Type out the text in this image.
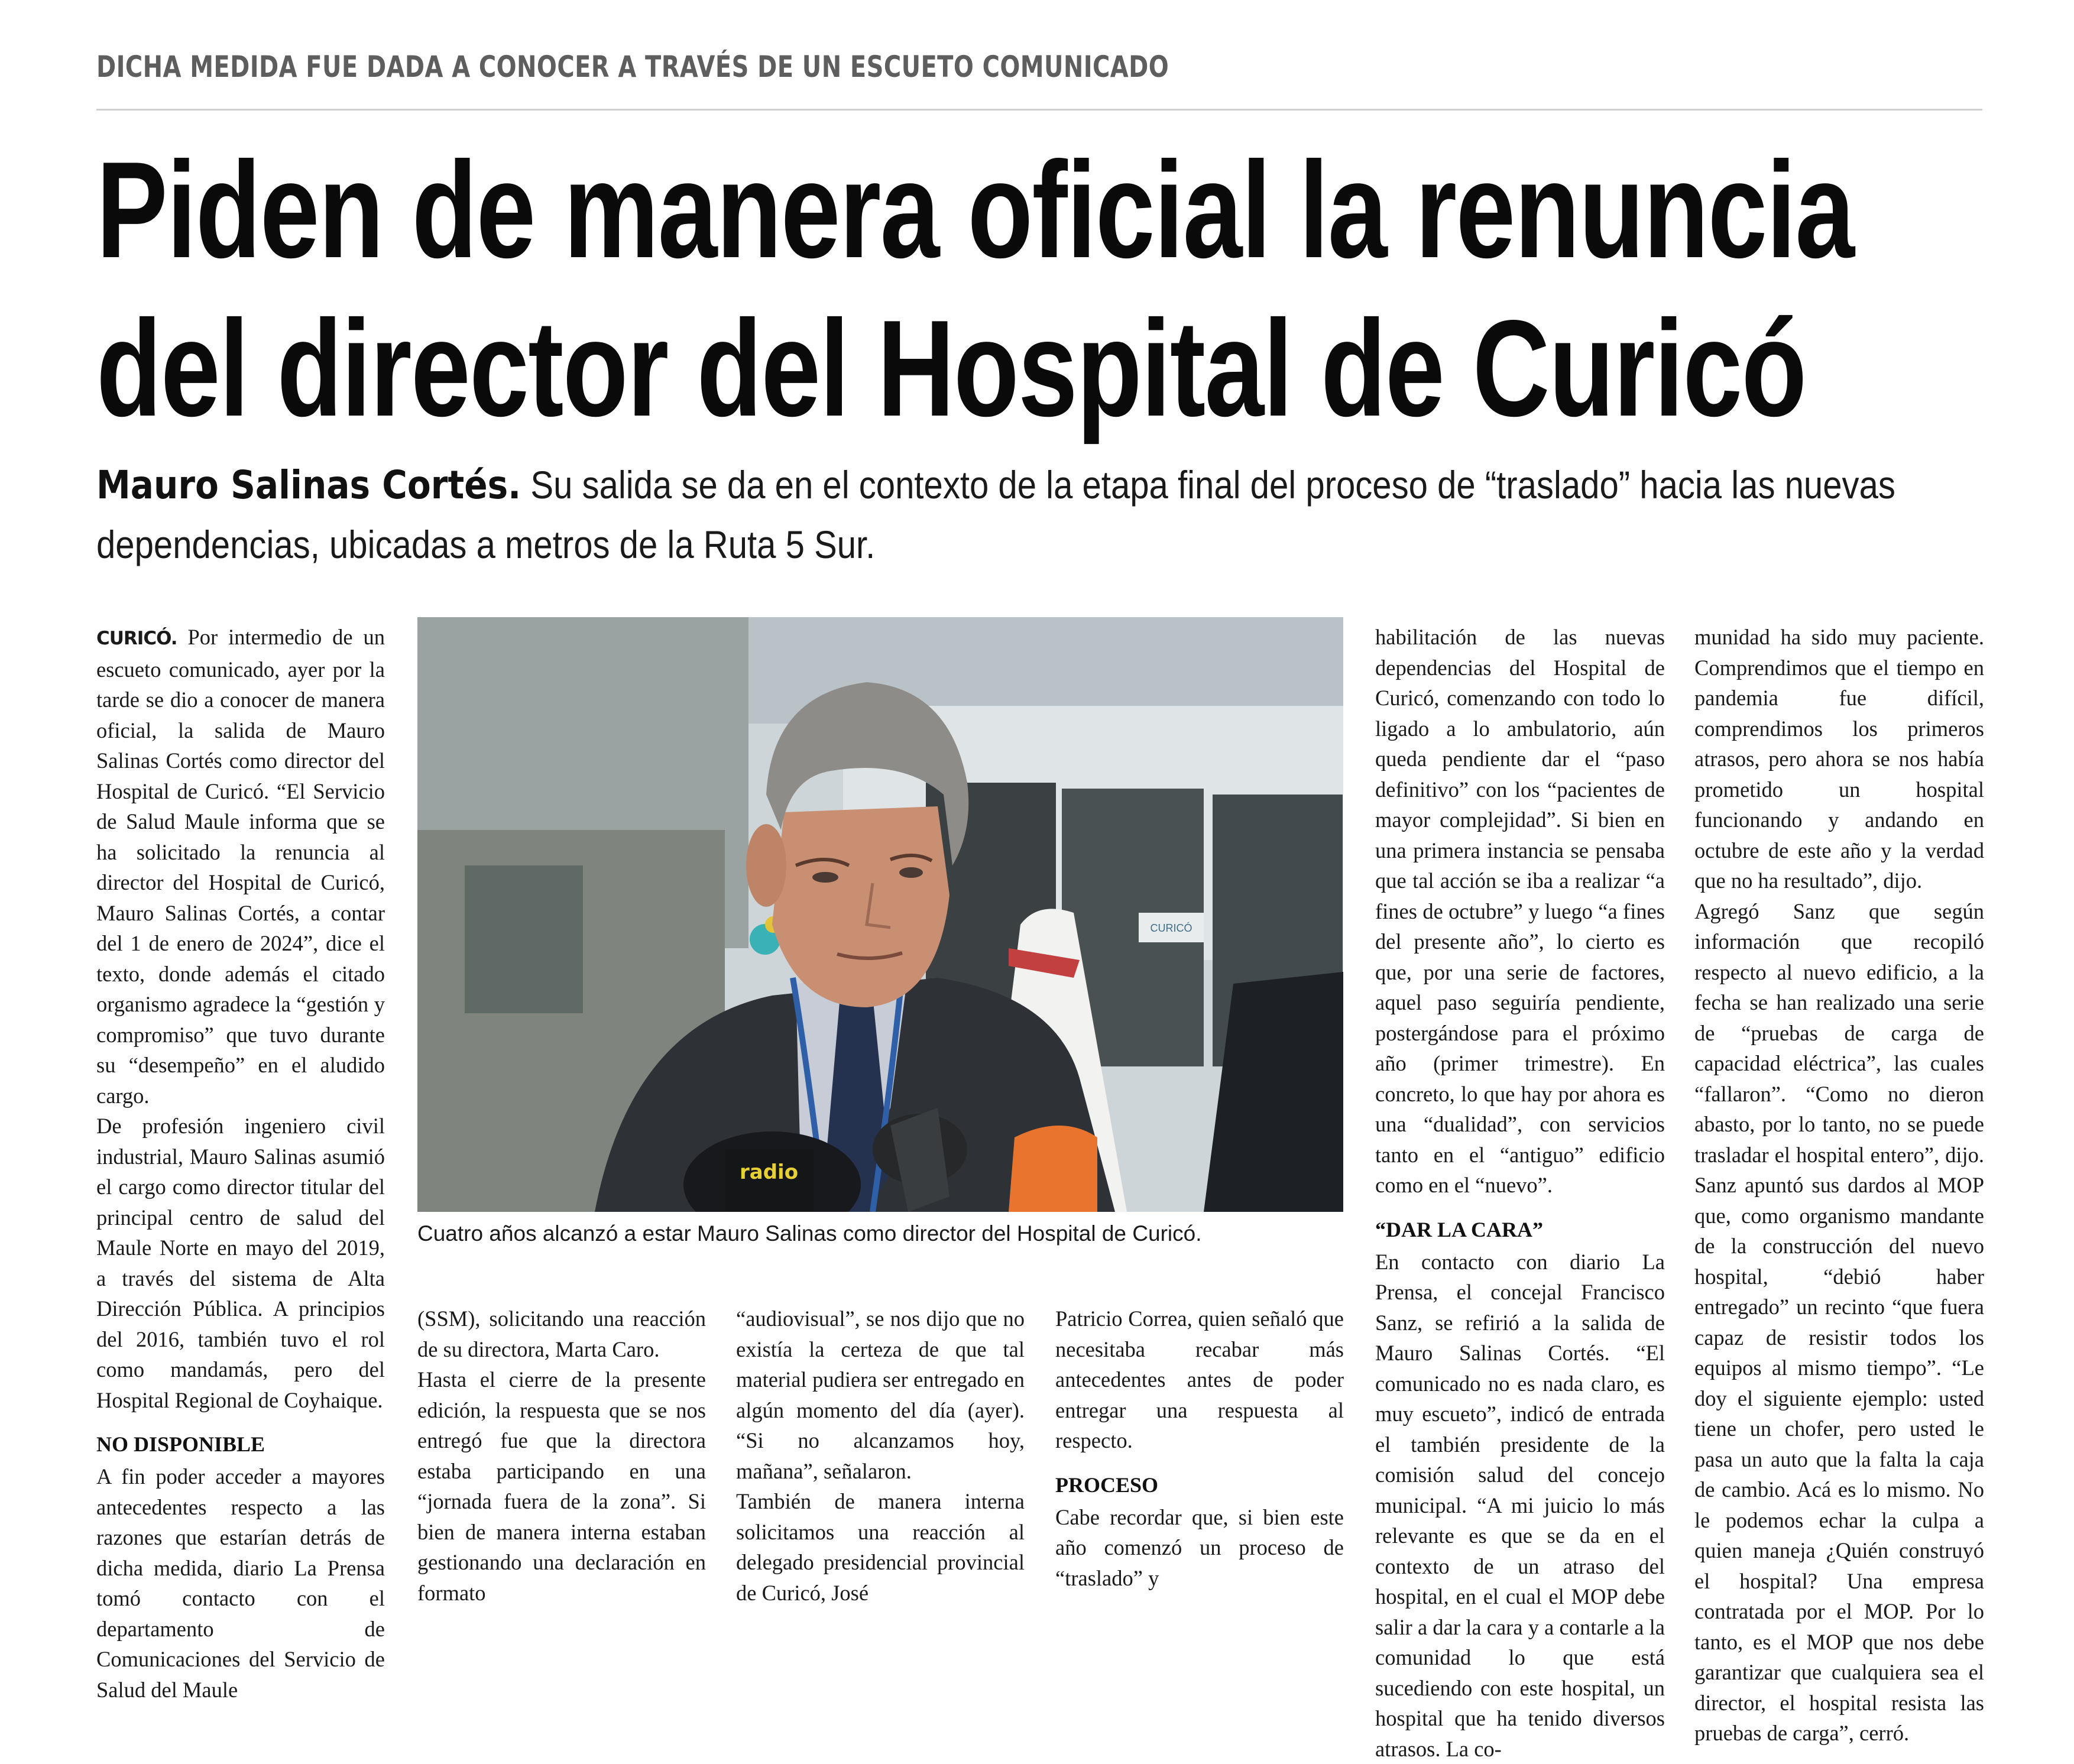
DICHA MEDIDA FUE DADA A CONOCER A TRAVÉS DE UN ESCUETO COMUNICADO
Piden de manera oficial la renuncia
del director del Hospital de Curicó
Mauro Salinas Cortés. Su salida se da en el contexto de la etapa final del proceso de “traslado” hacia las nuevas dependencias, ubicadas a metros de la Ruta 5 Sur.

CURICÓ. Por intermedio de un escueto comunicado, ayer por la tarde se dio a conocer de manera oficial, la salida de Mauro Salinas Cortés como director del Hospital de Curicó. “El Servicio de Salud Maule informa que se ha solicitado la renuncia al director del Hospital de Curicó, Mauro Salinas Cortés, a contar del 1 de enero de 2024”, dice el texto, donde además el citado organismo agradece la “gestión y compromiso” que tuvo durante su “desempeño” en el aludido cargo.

De profesión ingeniero civil industrial, Mauro Salinas asumió el cargo como director titular del principal centro de salud del Maule Norte en mayo del 2019, a través del sistema de Alta Dirección Pública. A principios del 2016, también tuvo el rol como mandamás, pero del Hospital Regional de Coyhaique.

NO DISPONIBLE

A fin poder acceder a mayores antecedentes respecto a las razones que estarían detrás de dicha medida, diario La Prensa tomó contacto con el departamento de Comunicaciones del Servicio de Salud del Maule

CURICÓ
radio
Cuatro años alcanzó a estar Mauro Salinas como director del Hospital de Curicó.

(SSM), solicitando una reacción de su directora, Marta Caro.

Hasta el cierre de la presente edición, la respuesta que se nos entregó fue que la directora estaba participando en una “jornada fuera de la zona”. Si bien de manera interna estaban gestionando una declaración en formato

“audiovisual”, se nos dijo que no existía la certeza de que tal material pudiera ser entregado en algún momento del día (ayer). “Si no alcanzamos hoy, mañana”, señalaron.

También de manera interna solicitamos una reacción al delegado presidencial provincial de Curicó, José

Patricio Correa, quien señaló que necesitaba recabar más antecedentes antes de poder entregar una respuesta al respecto.

PROCESO

Cabe recordar que, si bien este año comenzó un proceso de “traslado” y

habilitación de las nuevas dependencias del Hospital de Curicó, comenzando con todo lo ligado a lo ambulatorio, aún queda pendiente dar el “paso definitivo” con los “pacientes de mayor complejidad”. Si bien en una primera instancia se pensaba que tal acción se iba a realizar “a fines de octubre” y luego “a fines del presente año”, lo cierto es que, por una serie de factores, aquel paso seguiría pendiente, postergándose para el próximo año (primer trimestre). En concreto, lo que hay por ahora es una “dualidad”, con servicios tanto en el “antiguo” edificio como en el “nuevo”.

“DAR LA CARA”

En contacto con diario La Prensa, el concejal Francisco Sanz, se refirió a la salida de Mauro Salinas Cortés. “El comunicado no es nada claro, es muy escueto”, indicó de entrada el también presidente de la comisión salud del concejo municipal. “A mi juicio lo más relevante es que se da en el contexto de un atraso del hospital, en el cual el MOP debe salir a dar la cara y a contarle a la comunidad lo que está sucediendo con este hospital, un hospital que ha tenido diversos atrasos. La co-

munidad ha sido muy paciente. Comprendimos que el tiempo en pandemia fue difícil, comprendimos los primeros atrasos, pero ahora se nos había prometido un hospital funcionando y andando en octubre de este año y la verdad que no ha resultado”, dijo.

Agregó Sanz que según información que recopiló respecto al nuevo edificio, a la fecha se han realizado una serie de “pruebas de carga de capacidad eléctrica”, las cuales “fallaron”. “Como no dieron abasto, por lo tanto, no se puede trasladar el hospital entero”, dijo. Sanz apuntó sus dardos al MOP que, como organismo mandante de la construcción del nuevo hospital, “debió haber entregado” un recinto “que fuera capaz de resistir todos los equipos al mismo tiempo”. “Le doy el siguiente ejemplo: usted tiene un chofer, pero usted le pasa un auto que la falta la caja de cambio. Acá es lo mismo. No le podemos echar la culpa a quien maneja ¿Quién construyó el hospital? Una empresa contratada por el MOP. Por lo tanto, es el MOP que nos debe garantizar que cualquiera sea el director, el hospital resista las pruebas de carga”, cerró.
